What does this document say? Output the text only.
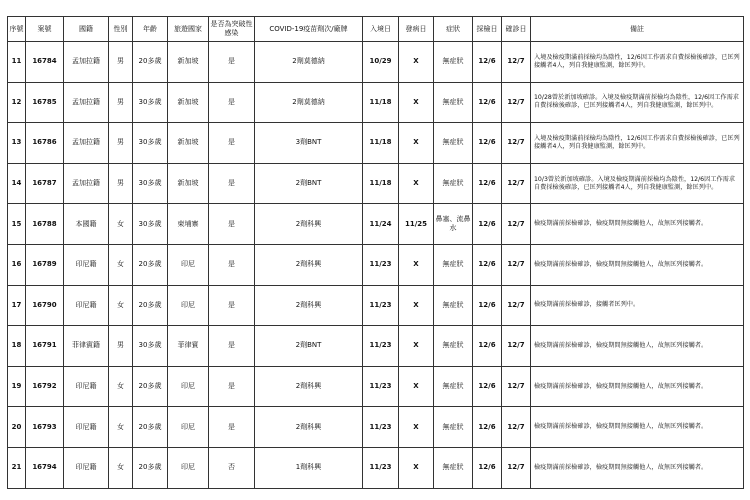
序號	案號	國籍	性別	年齡	旅遊國家	是否為突破性感染	COVID-19疫苗劑次/廠牌	入境日	發病日	症狀	採檢日	確診日	備註
11	16784	孟加拉籍	男	20多歲	新加坡	是	2劑莫德納	10/29	X	無症狀	12/6	12/7	入境及檢疫期滿前採檢均為陰性，12/6因工作需求自費採檢後確診，已匡列接觸者4人，列自我健康監測，餘匡列中。
12	16785	孟加拉籍	男	30多歲	新加坡	是	2劑莫德納	11/18	X	無症狀	12/6	12/7	10/28曾於新加坡確診。入境及檢疫期滿前採檢均為陰性，12/6因工作需求自費採檢後確診，已匡列接觸者4人，列自我健康監測，餘匡列中。
13	16786	孟加拉籍	男	30多歲	新加坡	是	3劑BNT	11/18	X	無症狀	12/6	12/7	入境及檢疫期滿前採檢均為陰性，12/6因工作需求自費採檢後確診，已匡列接觸者4人，列自我健康監測，餘匡列中。
14	16787	孟加拉籍	男	30多歲	新加坡	是	2劑BNT	11/18	X	無症狀	12/6	12/7	10/3曾於新加坡確診。入境及檢疫期滿前採檢均為陰性，12/6因工作需求自費採檢後確診，已匡列接觸者4人，列自我健康監測，餘匡列中。
15	16788	本國籍	女	30多歲	柬埔寨	是	2劑科興	11/24	11/25	鼻塞、流鼻水	12/6	12/7	檢疫期滿前採檢確診，檢疫期間無接觸他人，故無匡列接觸者。
16	16789	印尼籍	女	20多歲	印尼	是	2劑科興	11/23	X	無症狀	12/6	12/7	檢疫期滿前採檢確診，檢疫期間無接觸他人，故無匡列接觸者。
17	16790	印尼籍	女	20多歲	印尼	是	2劑科興	11/23	X	無症狀	12/6	12/7	檢疫期滿前採檢確診，接觸者匡列中。
18	16791	菲律賓籍	男	30多歲	菲律賓	是	2劑BNT	11/23	X	無症狀	12/6	12/7	檢疫期滿前採檢確診，檢疫期間無接觸他人，故無匡列接觸者。
19	16792	印尼籍	女	20多歲	印尼	是	2劑科興	11/23	X	無症狀	12/6	12/7	檢疫期滿前採檢確診，檢疫期間無接觸他人，故無匡列接觸者。
20	16793	印尼籍	女	20多歲	印尼	是	2劑科興	11/23	X	無症狀	12/6	12/7	檢疫期滿前採檢確診，檢疫期間無接觸他人，故無匡列接觸者。
21	16794	印尼籍	女	20多歲	印尼	否	1劑科興	11/23	X	無症狀	12/6	12/7	檢疫期滿前採檢確診，檢疫期間無接觸他人，故無匡列接觸者。
